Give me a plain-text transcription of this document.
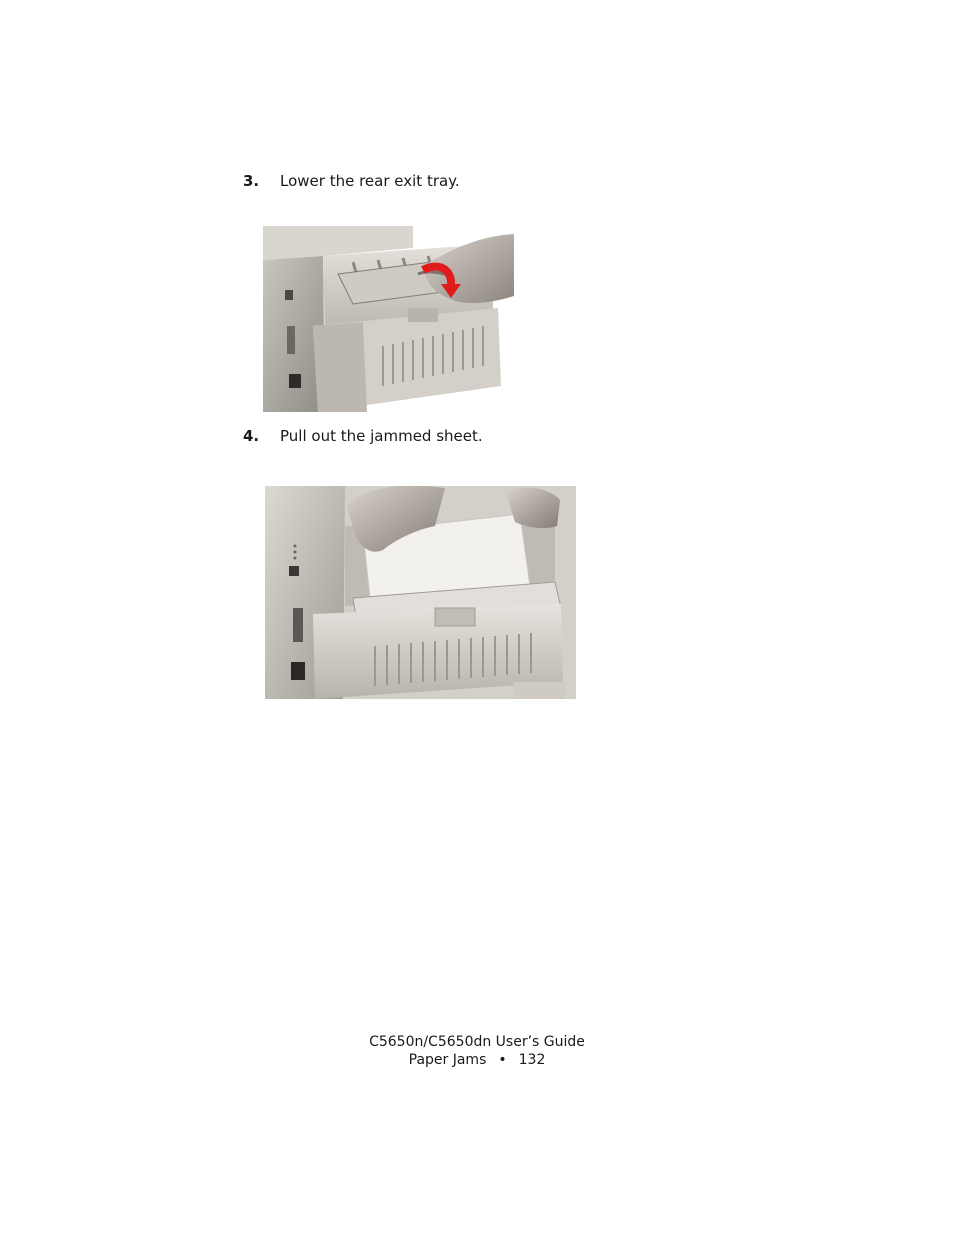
3. Lower the rear exit tray.
4. Pull out the jammed sheet.
C5650n/C5650dn User’s Guide
Paper Jams • 132
